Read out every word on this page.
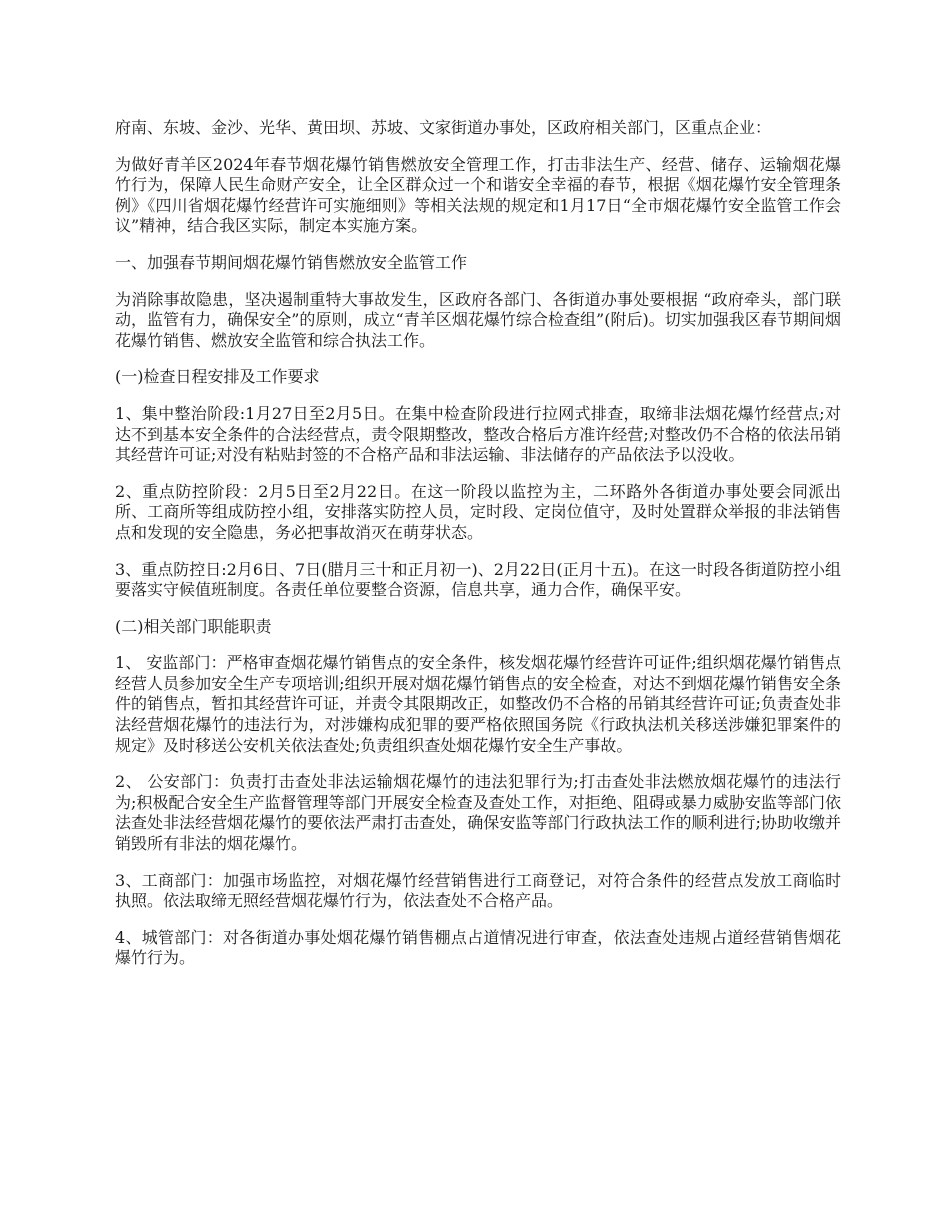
府南、东坡、金沙、光华、黄田坝、苏坡、文家街道办事处，区政府相关部门，区重点企业：

为做好青羊区2024年春节烟花爆竹销售燃放安全管理工作，打击非法生产、经营、储存、运输烟花爆竹行为，保障人民生命财产安全，让全区群众过一个和谐安全幸福的春节，根据《烟花爆竹安全管理条例》《四川省烟花爆竹经营许可实施细则》等相关法规的规定和1月17日“全市烟花爆竹安全监管工作会议”精神，结合我区实际，制定本实施方案。

一、加强春节期间烟花爆竹销售燃放安全监管工作

为消除事故隐患，坚决遏制重特大事故发生，区政府各部门、各街道办事处要根据 “政府牵头，部门联动，监管有力，确保安全”的原则，成立“青羊区烟花爆竹综合检查组”(附后)。切实加强我区春节期间烟花爆竹销售、燃放安全监管和综合执法工作。

(一)检查日程安排及工作要求

1、集中整治阶段:1月27日至2月5日。在集中检查阶段进行拉网式排查，取缔非法烟花爆竹经营点;对达不到基本安全条件的合法经营点，责令限期整改，整改合格后方准许经营;对整改仍不合格的依法吊销其经营许可证;对没有粘贴封签的不合格产品和非法运输、非法储存的产品依法予以没收。

2、重点防控阶段：2月5日至2月22日。在这一阶段以监控为主，二环路外各街道办事处要会同派出所、工商所等组成防控小组，安排落实防控人员，定时段、定岗位值守，及时处置群众举报的非法销售点和发现的安全隐患，务必把事故消灭在萌芽状态。

3、重点防控日:2月6日、7日(腊月三十和正月初一)、2月22日(正月十五)。在这一时段各街道防控小组要落实守候值班制度。各责任单位要整合资源，信息共享，通力合作，确保平安。

(二)相关部门职能职责

1、 安监部门：严格审查烟花爆竹销售点的安全条件，核发烟花爆竹经营许可证件;组织烟花爆竹销售点经营人员参加安全生产专项培训;组织开展对烟花爆竹销售点的安全检查，对达不到烟花爆竹销售安全条件的销售点，暂扣其经营许可证，并责令其限期改正，如整改仍不合格的吊销其经营许可证;负责查处非法经营烟花爆竹的违法行为，对涉嫌构成犯罪的要严格依照国务院《行政执法机关移送涉嫌犯罪案件的规定》及时移送公安机关依法查处;负责组织查处烟花爆竹安全生产事故。

2、 公安部门：负责打击查处非法运输烟花爆竹的违法犯罪行为;打击查处非法燃放烟花爆竹的违法行为;积极配合安全生产监督管理等部门开展安全检查及查处工作，对拒绝、阻碍或暴力威胁安监等部门依法查处非法经营烟花爆竹的要依法严肃打击查处，确保安监等部门行政执法工作的顺利进行;协助收缴并销毁所有非法的烟花爆竹。

3、工商部门：加强市场监控，对烟花爆竹经营销售进行工商登记，对符合条件的经营点发放工商临时执照。依法取缔无照经营烟花爆竹行为，依法查处不合格产品。

4、城管部门：对各街道办事处烟花爆竹销售棚点占道情况进行审查，依法查处违规占道经营销售烟花爆竹行为。
